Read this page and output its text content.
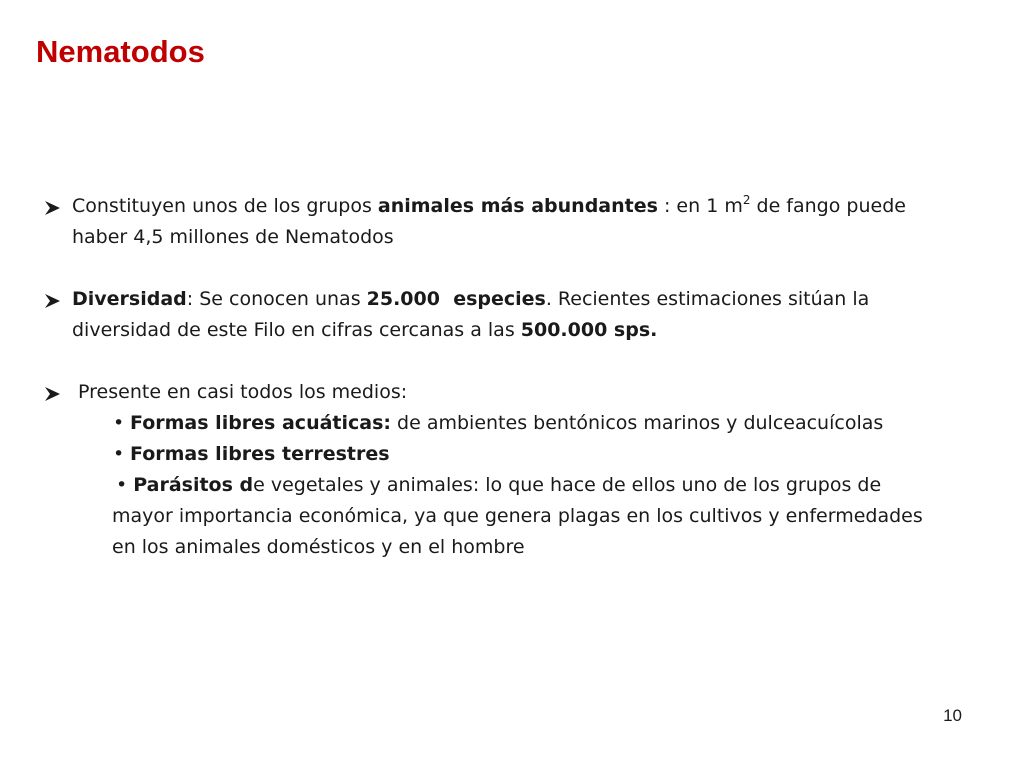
Nematodos
Constituyen unos de los grupos animales más abundantes : en 1 $m^2$ de fango puede haber 4,5 millones de Nematodos
Diversidad: Se conocen unas 25.000  especies. Recientes estimaciones sitúan la diversidad de este Filo en cifras cercanas a las 500.000 sps.
Presente en casi todos los medios:
• Formas libres acuáticas: de ambientes bentónicos marinos y dulceacuícolas
• Formas libres terrestres
• Parásitos de vegetales y animales: lo que hace de ellos uno de los grupos de mayor importancia económica, ya que genera plagas en los cultivos y enfermedades en los animales domésticos y en el hombre
10
